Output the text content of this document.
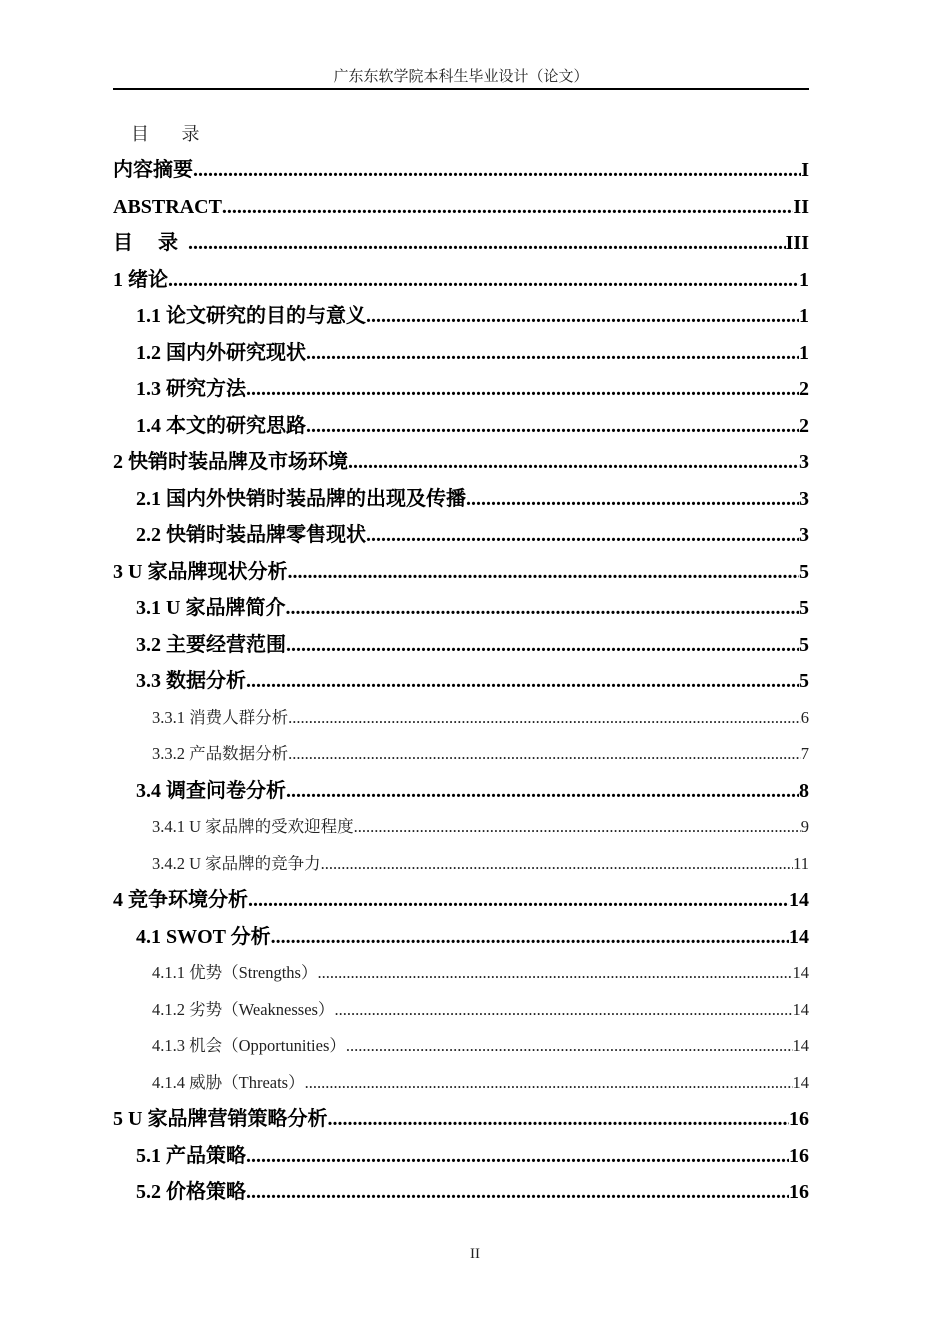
广东东软学院本科生毕业设计（论文）
目 录
内容摘要 .....	I
ABSTRACT .....	II
目 录 .....	III
1 绪论 .....	1
1.1 论文研究的目的与意义 .....	1
1.2 国内外研究现状 .....	1
1.3 研究方法 .....	2
1.4 本文的研究思路 .....	2
2 快销时装品牌及市场环境 .....	3
2.1 国内外快销时装品牌的出现及传播 .....	3
2.2 快销时装品牌零售现状 .....	3
3 U 家品牌现状分析 .....	5
3.1 U 家品牌简介 .....	5
3.2 主要经营范围 .....	5
3.3 数据分析 .....	5
3.3.1 消费人群分析 .....	6
3.3.2 产品数据分析 .....	7
3.4 调查问卷分析 .....	8
3.4.1 U 家品牌的受欢迎程度 .....	9
3.4.2 U 家品牌的竞争力 .....	11
4 竞争环境分析 .....	14
4.1 SWOT 分析 .....	14
4.1.1 优势（Strengths） .....	14
4.1.2 劣势（Weaknesses） .....	14
4.1.3 机会（Opportunities） .....	14
4.1.4 威胁（Threats） .....	14
5 U 家品牌营销策略分析 .....	16
5.1 产品策略 .....	16
5.2 价格策略 .....	16
II
